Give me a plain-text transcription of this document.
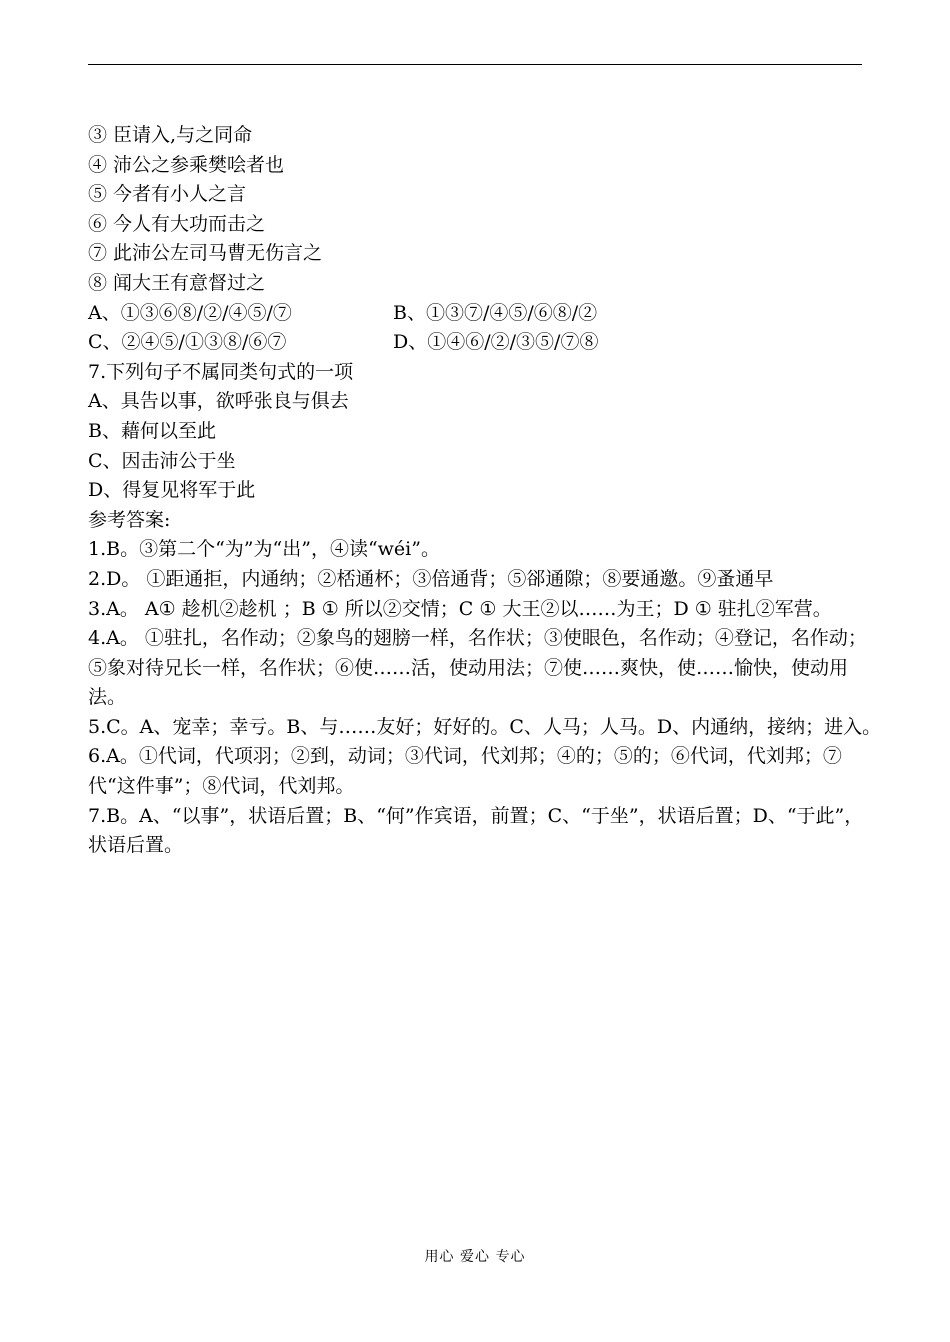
③ 臣请入,与之同命
④ 沛公之参乘樊哙者也
⑤ 今者有小人之言
⑥ 今人有大功而击之
⑦ 此沛公左司马曹无伤言之
⑧ 闻大王有意督过之
A、①③⑥⑧/②/④⑤/⑦	B、①③⑦/④⑤/⑥⑧/②
C、②④⑤/①③⑧/⑥⑦	D、①④⑥/②/③⑤/⑦⑧
7.下列句子不属同类句式的一项
A、具告以事，欲呼张良与俱去
B、藉何以至此
C、因击沛公于坐
D、得复见将军于此
参考答案:
1.B。③第二个“为”为“出”，④读“wéi”。
2.D。 ①距通拒，内通纳；②桮通杯；③倍通背；⑤郤通隙；⑧要通邀。⑨蚤通早
3.A。 A① 趁机②趁机 ；B ① 所以②交情；C ① 大王②以……为王；D ① 驻扎②军营。
4.A。 ①驻扎，名作动；②象鸟的翅膀一样，名作状；③使眼色，名作动；④登记，名作动；⑤象对待兄长一样，名作状；⑥使……活，使动用法；⑦使……爽快，使……愉快，使动用法。
5.C。A、宠幸；幸亏。B、与……友好；好好的。C、人马；人马。D、内通纳，接纳；进入。
6.A。①代词，代项羽；②到，动词；③代词，代刘邦；④的；⑤的；⑥代词，代刘邦；⑦代“这件事”；⑧代词，代刘邦。
7.B。A、“以事”，状语后置；B、“何”作宾语，前置；C、“于坐”，状语后置；D、“于此”，状语后置。
用心 爱心 专心
